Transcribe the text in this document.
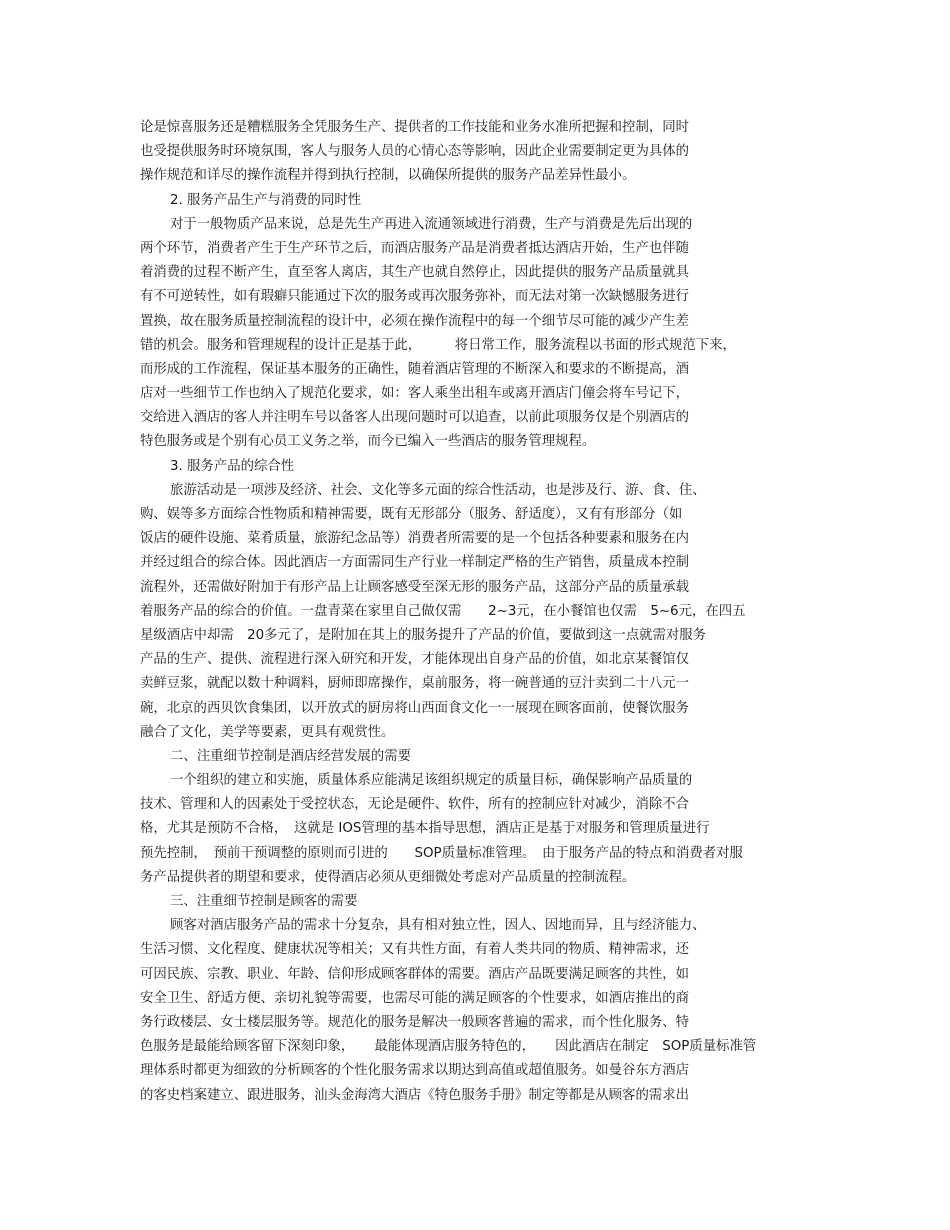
论是惊喜服务还是糟糕服务全凭服务生产、提供者的工作技能和业务水准所把握和控制，同时
也受提供服务时环境氛围，客人与服务人员的心情心态等影响，因此企业需要制定更为具体的
操作规范和详尽的操作流程并得到执行控制，以确保所提供的服务产品差异性最小。
2. 服务产品生产与消费的同时性
对于一般物质产品来说，总是先生产再进入流通领域进行消费，生产与消费是先后出现的
两个环节，消费者产生于生产环节之后，而酒店服务产品是消费者抵达酒店开始，生产也伴随
着消费的过程不断产生，直至客人离店，其生产也就自然停止，因此提供的服务产品质量就具
有不可逆转性，如有瑕癖只能通过下次的服务或再次服务弥补，而无法对第一次缺憾服务进行
置换，故在服务质量控制流程的设计中，必须在操作流程中的每一个细节尽可能的减少产生差
错的机会。服务和管理规程的设计正是基于此，　　　将日常工作，服务流程以书面的形式规范下来，
而形成的工作流程，保证基本服务的正确性，随着酒店管理的不断深入和要求的不断提高，酒
店对一些细节工作也纳入了规范化要求，如：客人乘坐出租车或离开酒店门僮会将车号记下，
交给进入酒店的客人并注明车号以备客人出现问题时可以追查，以前此项服务仅是个别酒店的
特色服务或是个别有心员工义务之举，而今已编入一些酒店的服务管理规程。
3. 服务产品的综合性
旅游活动是一项涉及经济、社会、文化等多元面的综合性活动，也是涉及行、游、食、住、
购、娱等多方面综合性物质和精神需要，既有无形部分（服务、舒适度），又有有形部分（如
饭店的硬件设施、菜肴质量，旅游纪念品等）消费者所需要的是一个包括各种要素和服务在内
并经过组合的综合体。因此酒店一方面需同生产行业一样制定严格的生产销售，质量成本控制
流程外，还需做好附加于有形产品上让顾客感受至深无形的服务产品，这部分产品的质量承载
着服务产品的综合的价值。一盘青菜在家里自己做仅需　　2~3元，在小餐馆也仅需　5~6元，在四五
星级酒店中却需　20多元了，是附加在其上的服务提升了产品的价值，要做到这一点就需对服务
产品的生产、提供、流程进行深入研究和开发，才能体现出自身产品的价值，如北京某餐馆仅
卖鲜豆浆，就配以数十种调料，厨师即席操作，桌前服务，将一碗普通的豆汁卖到二十八元一
碗，北京的西贝饮食集团，以开放式的厨房将山西面食文化一一展现在顾客面前，使餐饮服务
融合了文化，美学等要素，更具有观赏性。
二、注重细节控制是酒店经营发展的需要
一个组织的建立和实施，质量体系应能满足该组织规定的质量目标，确保影响产品质量的
技术、管理和人的因素处于受控状态，无论是硬件、软件，所有的控制应针对减少，消除不合
格，尤其是预防不合格，　这就是 IOS管理的基本指导思想，酒店正是基于对服务和管理质量进行
预先控制，　预前干预调整的原则而引进的　　SOP质量标准管理。　由于服务产品的特点和消费者对服
务产品提供者的期望和要求，使得酒店必须从更细微处考虑对产品质量的控制流程。
三、注重细节控制是顾客的需要
顾客对酒店服务产品的需求十分复杂，具有相对独立性，因人、因地而异，且与经济能力、
生活习惯、文化程度、健康状况等相关；又有共性方面，有着人类共同的物质、精神需求，还
可因民族、宗教、职业、年龄、信仰形成顾客群体的需要。酒店产品既要满足顾客的共性，如
安全卫生、舒适方便、亲切礼貌等需要，也需尽可能的满足顾客的个性要求，如酒店推出的商
务行政楼层、女士楼层服务等。规范化的服务是解决一般顾客普遍的需求，而个性化服务、特
色服务是最能给顾客留下深刻印象，　　最能体现酒店服务特色的，　　因此酒店在制定　SOP质量标准管
理体系时都更为细致的分析顾客的个性化服务需求以期达到高值或超值服务。如曼谷东方酒店
的客史档案建立、跟进服务，汕头金海湾大酒店《特色服务手册》制定等都是从顾客的需求出
